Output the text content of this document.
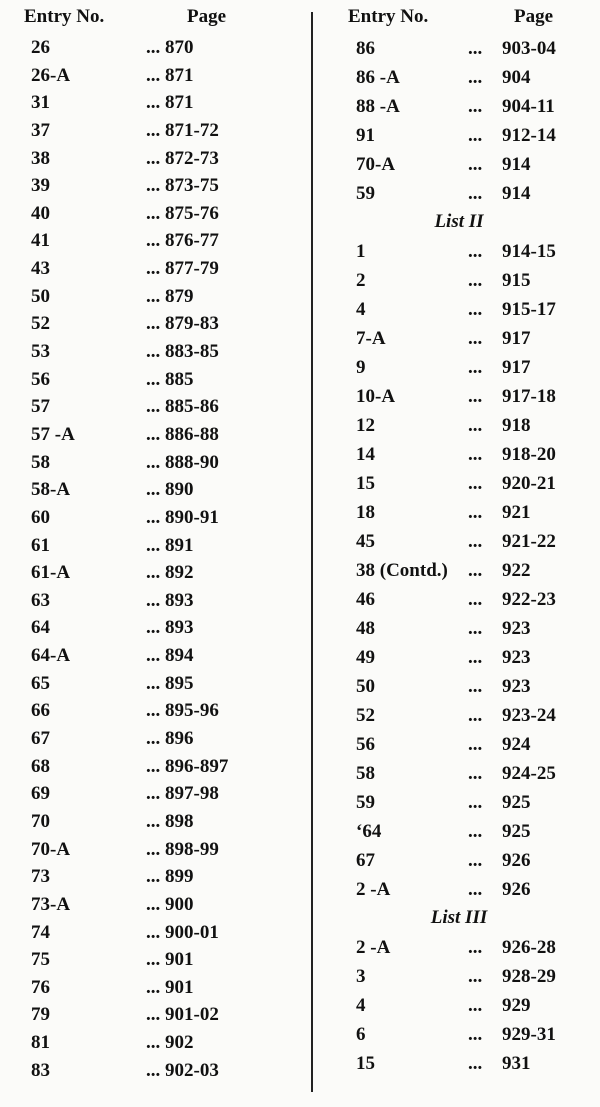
Entry No.	Page
26	... 870
26-A	... 871
31	... 871
37	... 871-72
38	... 872-73
39	... 873-75
40	... 875-76
41	... 876-77
43	... 877-79
50	... 879
52	... 879-83
53	... 883-85
56	... 885
57	... 885-86
57 -A	... 886-88
58	... 888-90
58-A	... 890
60	... 890-91
61	... 891
61-A	... 892
63	... 893
64	... 893
64-A	... 894
65	... 895
66	... 895-96
67	... 896
68	... 896-897
69	... 897-98
70	... 898
70-A	... 898-99
73	... 899
73-A	... 900
74	... 900-01
75	... 901
76	... 901
79	... 901-02
81	... 902
83	... 902-03
Entry No.	Page
86	... 903-04
86 -A	... 904
88 -A	... 904-11
91	... 912-14
70-A	... 914
59	... 914
List II
1	... 914-15
2	... 915
4	... 915-17
7-A	... 917
9	... 917
10-A	... 917-18
12	... 918
14	... 918-20
15	... 920-21
18	... 921
45	... 921-22
38 (Contd.) ... 922
46	... 922-23
48	... 923
49	... 923
50	... 923
52	... 923-24
56	... 924
58	... 924-25
59	... 925
‘64	... 925
67	... 926
2 -A	... 926
List III
2 -A	... 926-28
3	... 928-29
4	... 929
6	... 929-31
15	... 931
